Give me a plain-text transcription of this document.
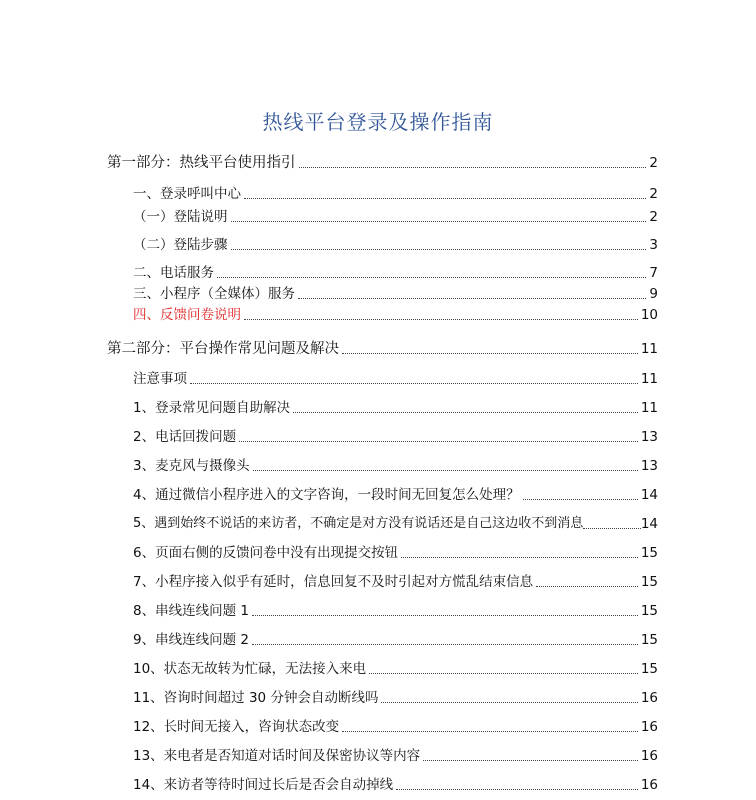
热线平台登录及操作指南
第一部分：热线平台使用指引	2
一、登录呼叫中心	2
（一）登陆说明	2
（二）登陆步骤	3
二、电话服务	7
三、小程序（全媒体）服务	9
四、反馈问卷说明	10
第二部分：平台操作常见问题及解决	11
注意事项	11
1、登录常见问题自助解决	11
2、电话回拨问题	13
3、麦克风与摄像头	13
4、通过微信小程序进入的文字咨询，一段时间无回复怎么处理？	14
5、遇到始终不说话的来访者，不确定是对方没有说话还是自己这边收不到消息	14
6、页面右侧的反馈问卷中没有出现提交按钮	15
7、小程序接入似乎有延时，信息回复不及时引起对方慌乱结束信息	15
8、串线连线问题 1	15
9、串线连线问题 2	15
10、状态无故转为忙碌，无法接入来电	15
11、咨询时间超过 30 分钟会自动断线吗	16
12、长时间无接入，咨询状态改变	16
13、来电者是否知道对话时间及保密协议等内容	16
14、来访者等待时间过长后是否会自动掉线	16
